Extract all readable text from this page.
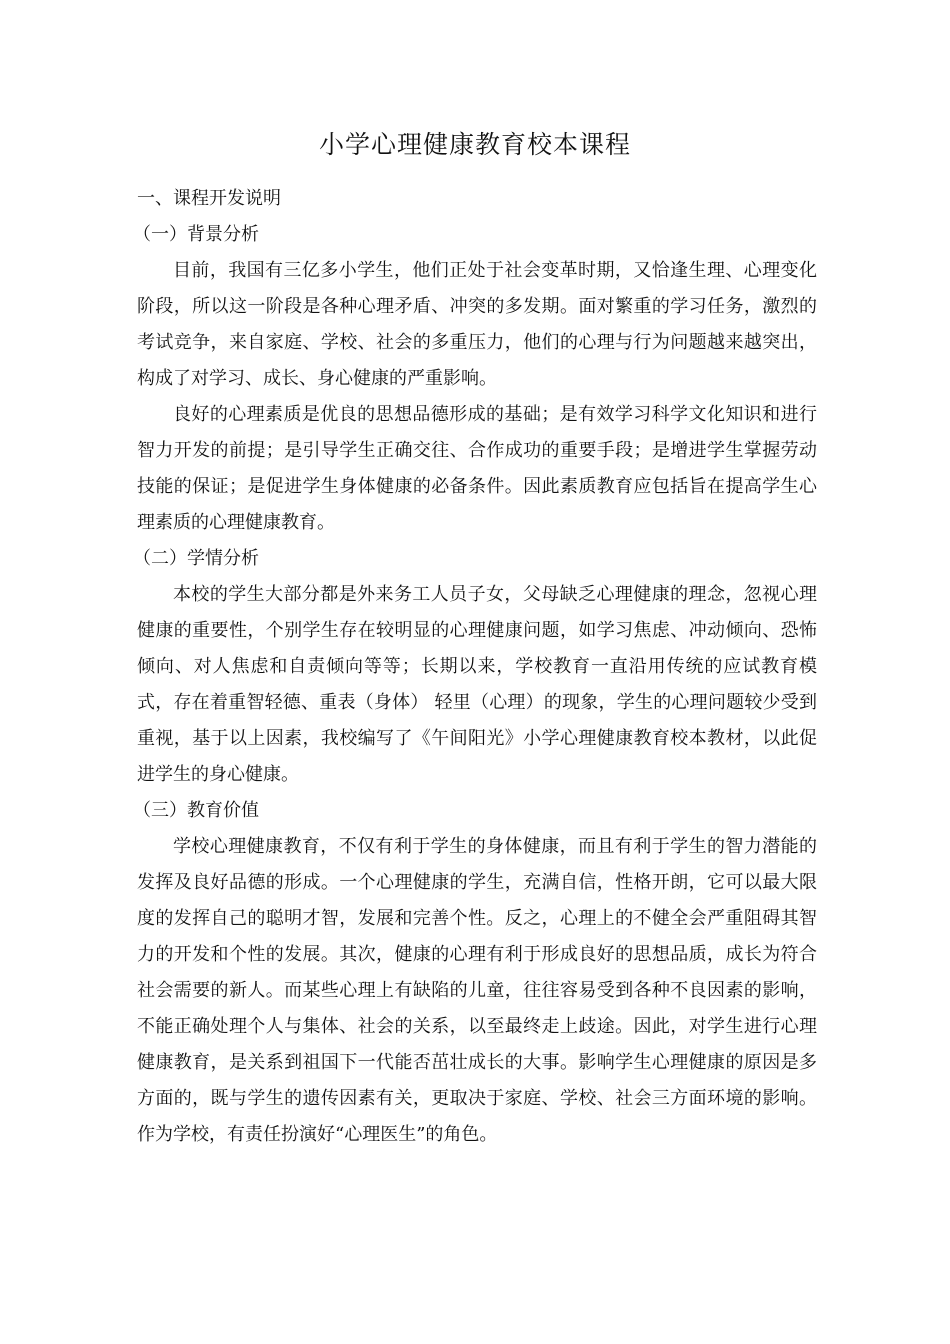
小学心理健康教育校本课程

一、课程开发说明

（一）背景分析

目前，我国有三亿多小学生，他们正处于社会变革时期，又恰逢生理、心理变化阶段，所以这一阶段是各种心理矛盾、冲突的多发期。面对繁重的学习任务，激烈的考试竞争，来自家庭、学校、社会的多重压力，他们的心理与行为问题越来越突出，构成了对学习、成长、身心健康的严重影响。

良好的心理素质是优良的思想品德形成的基础；是有效学习科学文化知识和进行智力开发的前提；是引导学生正确交往、合作成功的重要手段；是增进学生掌握劳动技能的保证；是促进学生身体健康的必备条件。因此素质教育应包括旨在提高学生心理素质的心理健康教育。

（二）学情分析

本校的学生大部分都是外来务工人员子女，父母缺乏心理健康的理念，忽视心理健康的重要性，个别学生存在较明显的心理健康问题，如学习焦虑、冲动倾向、恐怖倾向、对人焦虑和自责倾向等等；长期以来，学校教育一直沿用传统的应试教育模式，存在着重智轻德、重表（身体） 轻里（心理）的现象，学生的心理问题较少受到重视，基于以上因素，我校编写了《午间阳光》小学心理健康教育校本教材，以此促进学生的身心健康。

（三）教育价值

学校心理健康教育，不仅有利于学生的身体健康，而且有利于学生的智力潜能的发挥及良好品德的形成。一个心理健康的学生，充满自信，性格开朗，它可以最大限度的发挥自己的聪明才智，发展和完善个性。反之，心理上的不健全会严重阻碍其智力的开发和个性的发展。其次，健康的心理有利于形成良好的思想品质，成长为符合社会需要的新人。而某些心理上有缺陷的儿童，往往容易受到各种不良因素的影响，不能正确处理个人与集体、社会的关系，以至最终走上歧途。因此，对学生进行心理健康教育，是关系到祖国下一代能否茁壮成长的大事。影响学生心理健康的原因是多方面的，既与学生的遗传因素有关，更取决于家庭、学校、社会三方面环境的影响。作为学校，有责任扮演好“心理医生”的角色。
